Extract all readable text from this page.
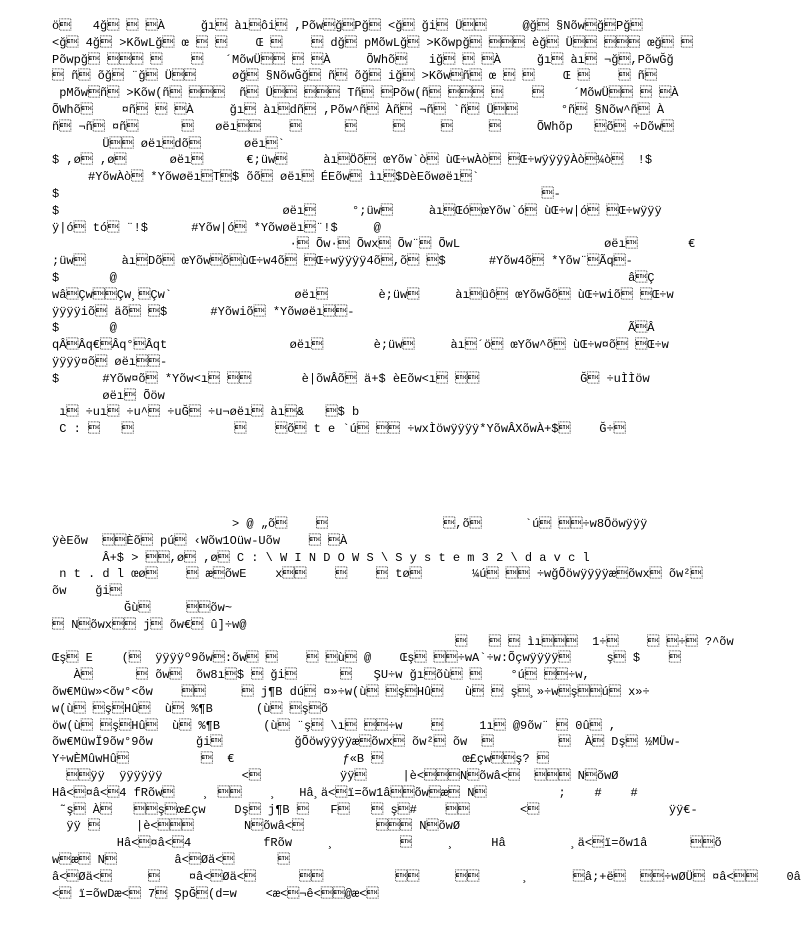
ö   4ğ  À     ğı àıôi ,PõwğPğ <ğ ği Ü     @ğ §NõwğPğ
<ğ 4ğ >KõwLğ œ      Œ      dğ pMõwLğ >Kõwpğ  èğ Ü  œğ 
Põwpğ         ´MõwÜ  À     ÕWhõ   iğ  À     ğı àı ¬ğ,PõwĞğ
 ñ õğ ¨ğ Ü     øğ §NõwĞğ ñ õğ iğ >Kõwñ œ      Œ      ñ
pMõwñ >Kõw(ñ   ñ Ü  Tñ Põw(ñ          ´MõwÜ  À
ÕWhõ    ¤ñ  À     ğı àıdñ ,Põw^ñ Àñ ¬ñ `ñ Ü      °ñ §Nõw^ñ À
ñ ¬ñ ¤ñ         øëı                              ÕWhõp   õ ÷Dõw
Ü øëıdõ      øëı`
$ ,ø ,ø      øëı      €;üw     àıÖõ œYõw`ò ùŒ÷wÀò Œ÷wÿÿÿÿÀò¼ò  !$
#YõwÀò *YõwøëıT$ õõ øëı ÉEõw ìı$DèEõwøëı`
$                                                                   -
$                               øëı     °;üw     àıŒóœYõw`ó ùŒ÷w|ó Œ÷wÿÿÿ
ÿ|ó tó ¨!$      #Yõw|ó *Yõwøëı¨!$     @
· Õw· Õwx Õw¨ ÕwL                    øëı       €
;üw     àıDõ œYõwõùŒ÷w4õ Œ÷wÿÿÿÿ4õ,õ $      #Yõw4õ *Yõw¨Ãq-
$       @                                                                       âÇ
wâÇwÇw¸Çw`                 øëı       è;üw     àıüô œYõwĞõ ùŒ÷wiõ Œ÷w
ÿÿÿÿiõ äõ $      #Yõwiõ *Yõwøëı-
$       @                                                                       ÃÂ
qÂÂq€Âq°Âqt                 øëı       è;üw     àı´ö œYõw^õ ùŒ÷w¤õ Œ÷w
ÿÿÿÿ¤õ øëı-
$      #Yõw¤õ *Yõw<ı        è|õwÂõ ä+$ èEõw<ı               Ğ ÷uÌÌöw
øëı Õöw
ı ÷uı ÷u^ ÷uĞ ÷u¬øëı àı&   $ b
C :                      õ t e `ú  ÷wxÌöwÿÿÿÿ*YõwÂXõwÀ+$    Ğ÷
> @ „õ                    ,õ      `ú ÷w8Õöwÿÿÿ
ÿèEõw  Èõ pú ‹Wõw1Oüw-Uõw     À
Â+$ > ,ø ,ø C : \ W I N D O W S \ S y s t e m 3 2 \ d a v c l
n t . d l œø     æõwE    x         tø       ¼ú  ÷wğÕöwÿÿÿÿæõwx õw²
õw    ği
Ğù     õw~
 Nõwx j õw€ û]÷w@
     ìı  1÷     ÷ ?^õw
Œş E    (  ÿÿÿÿº9õw:õw      ù @    Œş ÷wA`÷w:Õçwÿÿÿÿ     ş $    
À       õw  õw8ı$  ği         ŞU÷w ğıõù     °ú ÷w,
õw€Müw»<õw°<õw          j¶B dú ¤»÷w(ù şHû   ù  ş¸»÷wşú x»÷
w(ù şHû  ù %¶B      (ù şõ
öw(ù şHû  ù %¶B      (ù ¨ş \ı ÷w         1ı @9õw¨  0û ,
õw€MüwÏ9õw°9õw      ği          ğÕöwÿÿÿÿæõwx õw² õw             À Dş ½MÜw-
Y÷wÈMûwHû            €               ƒ«B            œ£çwş? 
ÿÿ  ÿÿÿÿÿÿ           <           ÿÿ     |è<Nõwâ<   NõwØ
Hâ<¤â<4 fRõw    ¸     ¸   Hâ¸ä<ï=õw1âõwæ N          ;    #    #
˜ş À   şœ£çw    Dş j¶B    F    ş#           <                  ÿÿ€-
ÿÿ      |è<       Nõwâ<           NõwØ
Hâ<¤â<4          fRõw     ¸              ¸     Hâ         ¸ä<ï=õw1â      õ
wæ N        â<Øä<      
â<Øä<         ¤â<Øä<                           ¸      â;+ë  ÷wØÜ ¤â<    0â
< ï=õwDæ< 7 ŞpĞ(d=w    <æ<¬ê<@æ<
